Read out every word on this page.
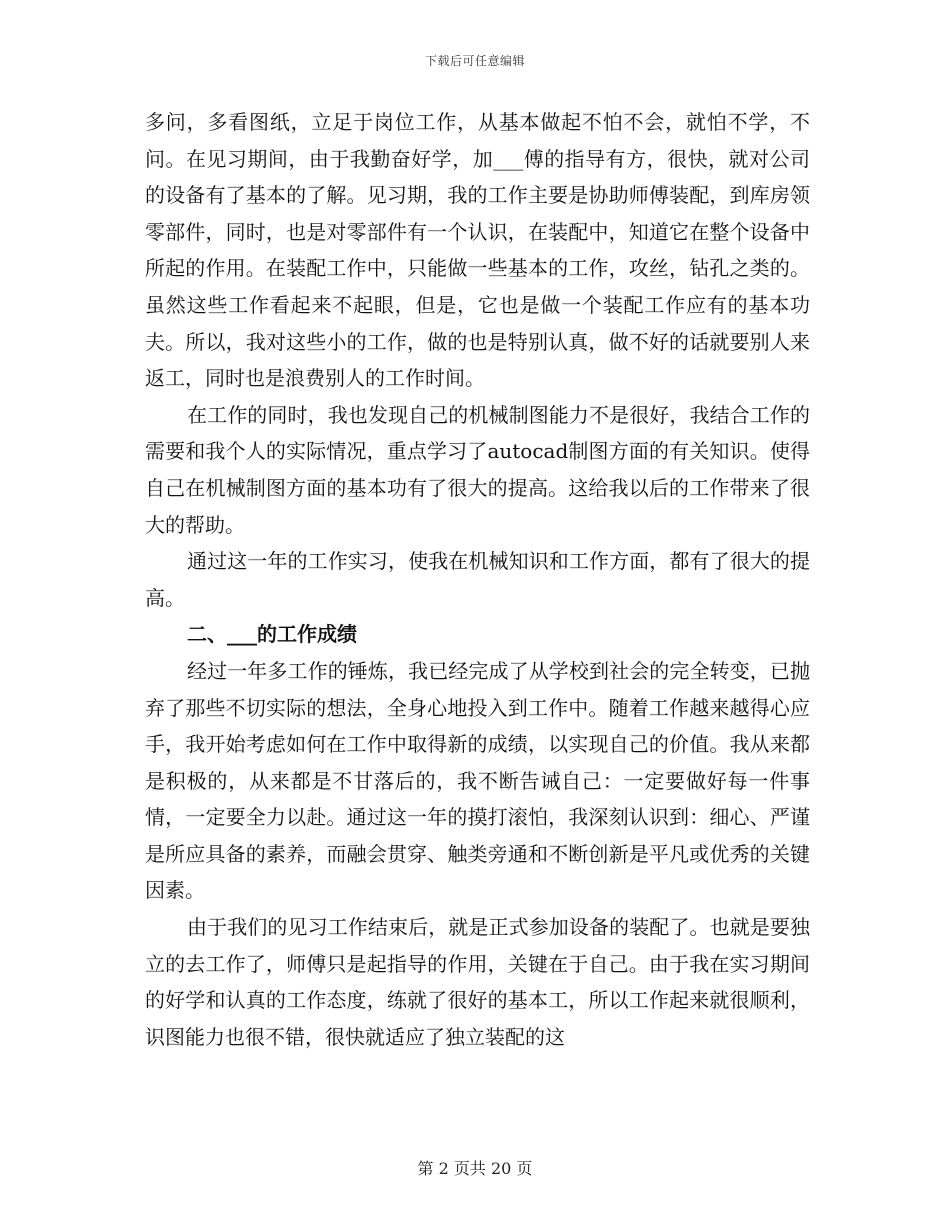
下载后可任意编辑

多问，多看图纸，立足于岗位工作，从基本做起不怕不会，就怕不学，不问。在见习期间，由于我勤奋好学，加___傅的指导有方，很快，就对公司的设备有了基本的了解。见习期，我的工作主要是协助师傅装配，到库房领零部件，同时，也是对零部件有一个认识，在装配中，知道它在整个设备中所起的作用。在装配工作中，只能做一些基本的工作，攻丝，钻孔之类的。虽然这些工作看起来不起眼，但是，它也是做一个装配工作应有的基本功夫。所以，我对这些小的工作，做的也是特别认真，做不好的话就要别人来返工，同时也是浪费别人的工作时间。

在工作的同时，我也发现自己的机械制图能力不是很好，我结合工作的需要和我个人的实际情况，重点学习了autocad制图方面的有关知识。使得自己在机械制图方面的基本功有了很大的提高。这给我以后的工作带来了很大的帮助。

通过这一年的工作实习，使我在机械知识和工作方面，都有了很大的提高。

二、___的工作成绩

经过一年多工作的锤炼，我已经完成了从学校到社会的完全转变，已抛弃了那些不切实际的想法，全身心地投入到工作中。随着工作越来越得心应手，我开始考虑如何在工作中取得新的成绩，以实现自己的价值。我从来都是积极的，从来都是不甘落后的，我不断告诫自己：一定要做好每一件事情，一定要全力以赴。通过这一年的摸打滚怕，我深刻认识到：细心、严谨是所应具备的素养，而融会贯穿、触类旁通和不断创新是平凡或优秀的关键因素。

由于我们的见习工作结束后，就是正式参加设备的装配了。也就是要独立的去工作了，师傅只是起指导的作用，关键在于自己。由于我在实习期间的好学和认真的工作态度，练就了很好的基本工，所以工作起来就很顺利，识图能力也很不错，很快就适应了独立装配的这

第 2 页共 20 页
